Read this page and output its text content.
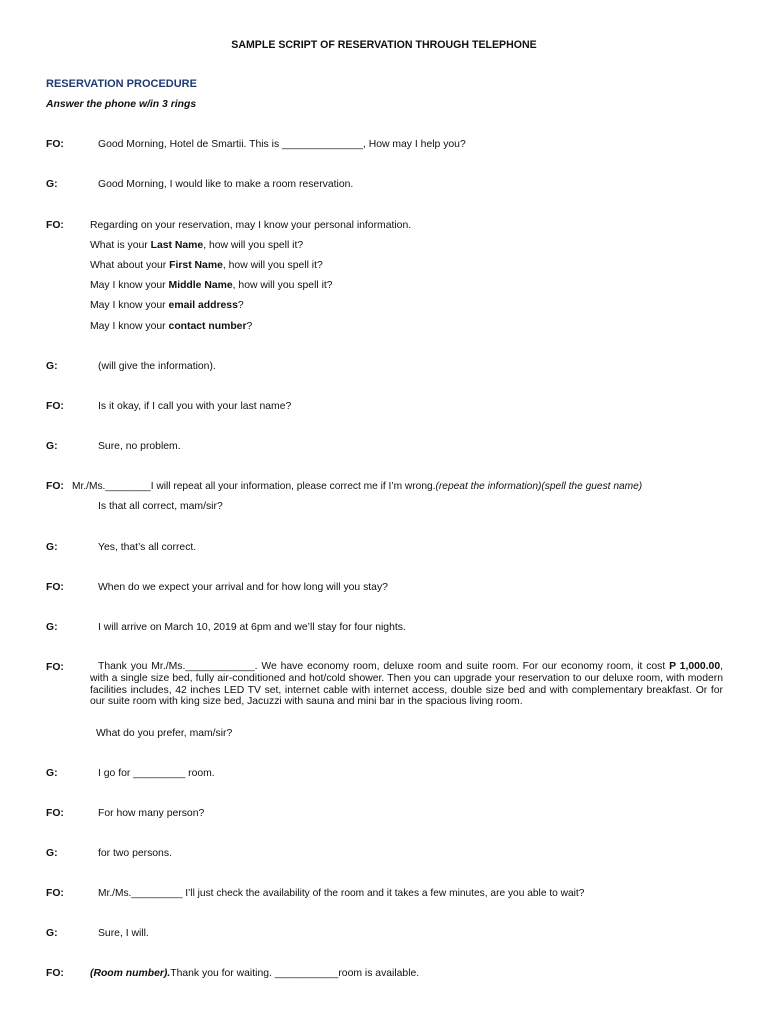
SAMPLE SCRIPT OF RESERVATION THROUGH TELEPHONE
RESERVATION PROCEDURE
Answer the phone w/in 3 rings
FO:	Good Morning, Hotel de Smartii. This is ______________, How may I help you?
G:	Good Morning, I would like to make a room reservation.
FO:	Regarding on your reservation, may I know your personal information.
What is your Last Name, how will you spell it?
What about your First Name, how will you spell it?
May I know your Middle Name, how will you spell it?
May I know your email address?
May I know your contact number?
G:	(will give the information).
FO:	Is it okay, if I call you with your last name?
G:	Sure, no problem.
FO: Mr./Ms.________I will repeat all your information, please correct me if I’m wrong.(repeat the information)(spell the guest name)
Is that all correct, mam/sir?
G:	Yes, that’s all correct.
FO:	When do we expect your arrival and for how long will you stay?
G:	I will arrive on March 10, 2019 at 6pm and we’ll stay for four nights.
FO:	Thank you Mr./Ms.____________. We have economy room, deluxe room and suite room. For our economy room, it cost P 1,000.00, with a single size bed, fully air-conditioned and hot/cold shower. Then you can upgrade your reservation to our deluxe room, with modern facilities includes, 42 inches LED TV set, internet cable with internet access, double size bed and with complementary breakfast. Or for our suite room with king size bed, Jacuzzi with sauna and mini bar in the spacious living room.
What do you prefer, mam/sir?
G:	I go for _________ room.
FO:	For how many person?
G:	for two persons.
FO:	Mr./Ms._________ I’ll just check the availability of the room and it takes a few minutes, are you able to wait?
G:	Sure, I will.
FO:	(Room number).Thank you for waiting. ___________room is available.
